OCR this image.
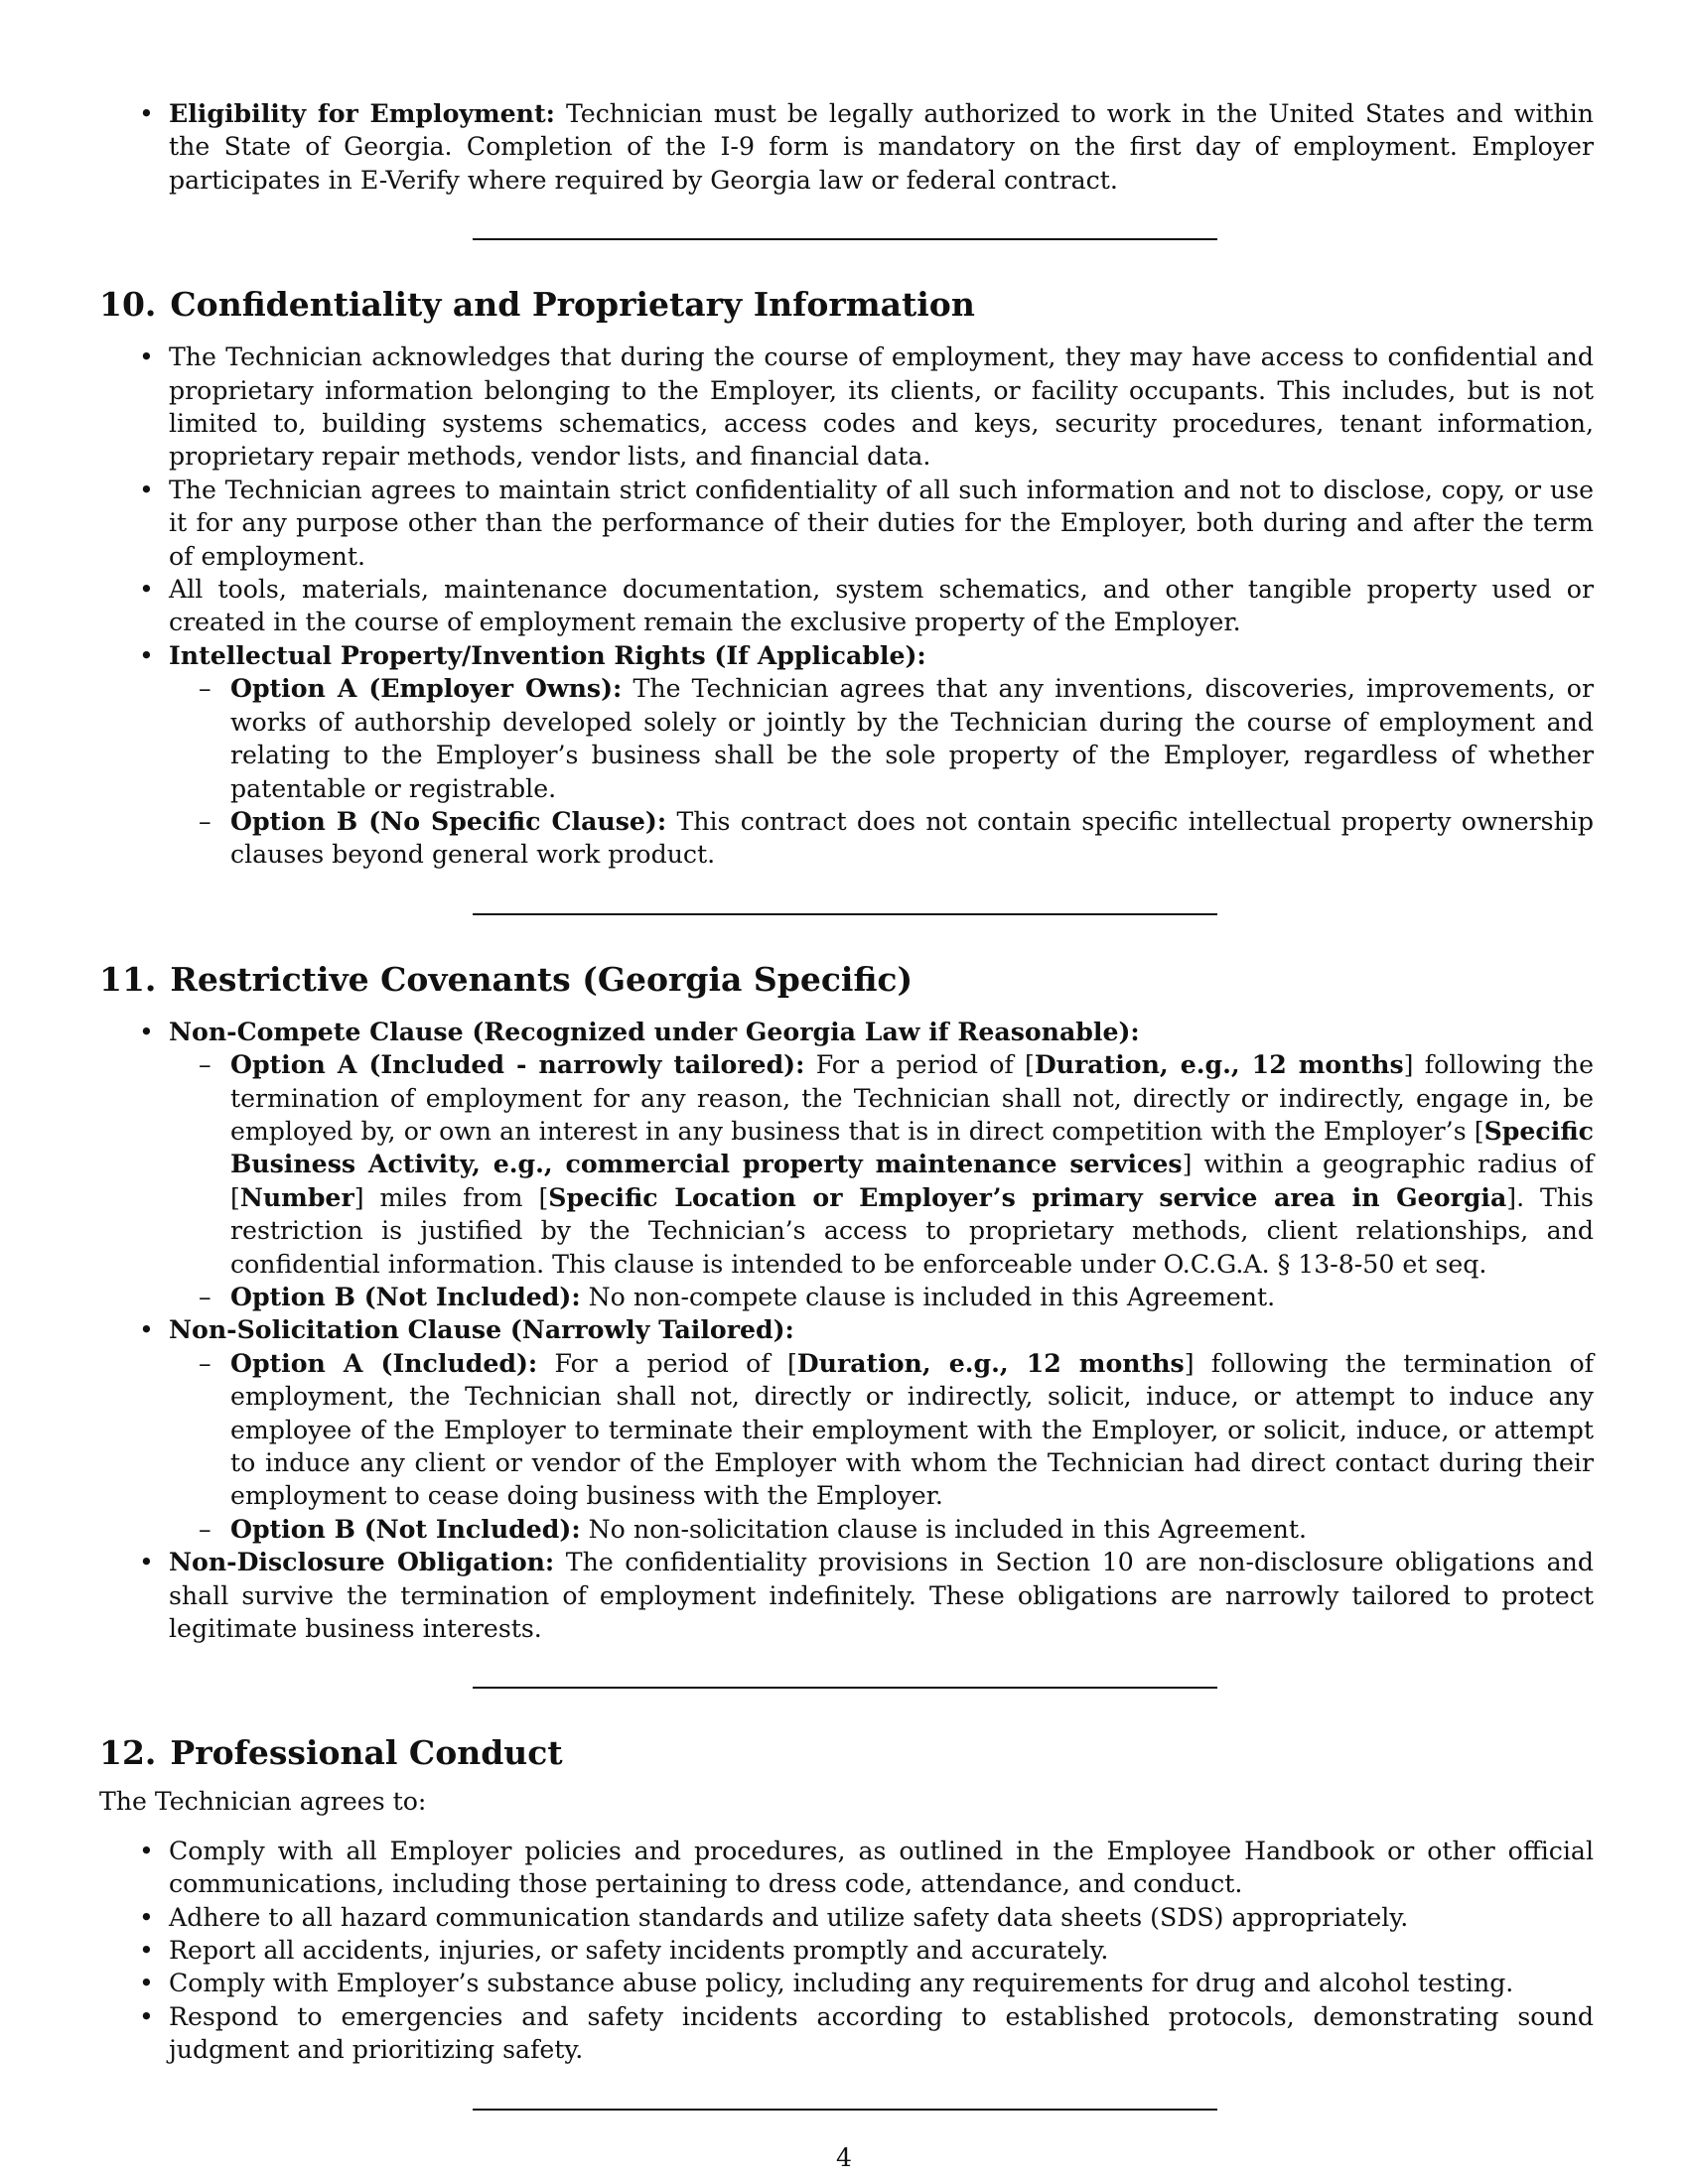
• Eligibility for Employment: Technician must be legally authorized to work in the United States and within the State of Georgia. Completion of the I-9 form is mandatory on the first day of employment. Employer participates in E-Verify where required by Georgia law or federal contract.
10. Confidentiality and Proprietary Information
• The Technician acknowledges that during the course of employment, they may have access to confidential and proprietary information belonging to the Employer, its clients, or facility occupants. This includes, but is not limited to, building systems schematics, access codes and keys, security procedures, tenant information, proprietary repair methods, vendor lists, and financial data.
• The Technician agrees to maintain strict confidentiality of all such information and not to disclose, copy, or use it for any purpose other than the performance of their duties for the Employer, both during and after the term of employment.
• All tools, materials, maintenance documentation, system schematics, and other tangible property used or created in the course of employment remain the exclusive property of the Employer.
• Intellectual Property/Invention Rights (If Applicable):
– Option A (Employer Owns): The Technician agrees that any inventions, discoveries, improvements, or works of authorship developed solely or jointly by the Technician during the course of employment and relating to the Employer’s business shall be the sole property of the Employer, regardless of whether patentable or registrable.
– Option B (No Specific Clause): This contract does not contain specific intellectual property ownership clauses beyond general work product.
11. Restrictive Covenants (Georgia Specific)
• Non-Compete Clause (Recognized under Georgia Law if Reasonable):
– Option A (Included - narrowly tailored): For a period of [Duration, e.g., 12 months] following the termination of employment for any reason, the Technician shall not, directly or indirectly, engage in, be employed by, or own an interest in any business that is in direct competition with the Employer’s [Specific Business Activity, e.g., commercial property maintenance services] within a geographic radius of [Number] miles from [Specific Location or Employer’s primary service area in Georgia]. This restriction is justified by the Technician’s access to proprietary methods, client relationships, and confidential information. This clause is intended to be enforceable under O.C.G.A. § 13-8-50 et seq.
– Option B (Not Included): No non-compete clause is included in this Agreement.
• Non-Solicitation Clause (Narrowly Tailored):
– Option A (Included): For a period of [Duration, e.g., 12 months] following the termination of employment, the Technician shall not, directly or indirectly, solicit, induce, or attempt to induce any employee of the Employer to terminate their employment with the Employer, or solicit, induce, or attempt to induce any client or vendor of the Employer with whom the Technician had direct contact during their employment to cease doing business with the Employer.
– Option B (Not Included): No non-solicitation clause is included in this Agreement.
• Non-Disclosure Obligation: The confidentiality provisions in Section 10 are non-disclosure obligations and shall survive the termination of employment indefinitely. These obligations are narrowly tailored to protect legitimate business interests.
12. Professional Conduct

The Technician agrees to:

• Comply with all Employer policies and procedures, as outlined in the Employee Handbook or other official communications, including those pertaining to dress code, attendance, and conduct.
• Adhere to all hazard communication standards and utilize safety data sheets (SDS) appropriately.
• Report all accidents, injuries, or safety incidents promptly and accurately.
• Comply with Employer’s substance abuse policy, including any requirements for drug and alcohol testing.
• Respond to emergencies and safety incidents according to established protocols, demonstrating sound judgment and prioritizing safety.
4
